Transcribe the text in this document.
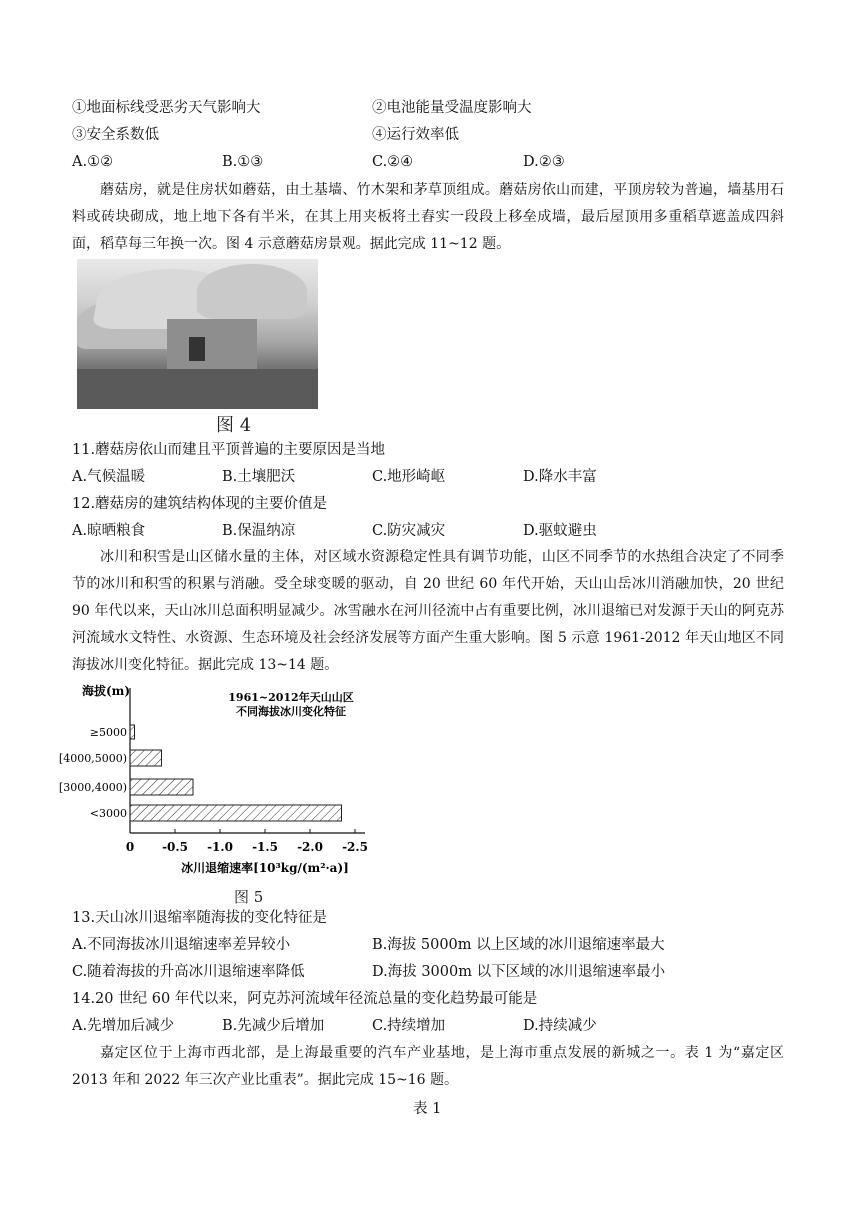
①地面标线受恶劣天气影响大	②电池能量受温度影响大
③安全系数低	④运行效率低
A.①②	B.①③	C.②④	D.②③
蘑菇房，就是住房状如蘑菇，由土基墙、竹木架和茅草顶组成。蘑菇房依山而建，平顶房较为普遍，墙基用石料或砖块砌成，地上地下各有半米，在其上用夹板将土舂实一段段上移垒成墙，最后屋顶用多重稻草遮盖成四斜面，稻草每三年换一次。图 4 示意蘑菇房景观。据此完成 11~12 题。
图 4
11.蘑菇房依山而建且平顶普遍的主要原因是当地
A.气候温暖	B.土壤肥沃	C.地形崎岖	D.降水丰富
12.蘑菇房的建筑结构体现的主要价值是
A.晾晒粮食	B.保温纳凉	C.防灾减灾	D.驱蚊避虫
冰川和积雪是山区储水量的主体，对区域水资源稳定性具有调节功能，山区不同季节的水热组合决定了不同季节的冰川和积雪的积累与消融。受全球变暖的驱动，自 20 世纪 60 年代开始，天山山岳冰川消融加快，20 世纪 90 年代以来，天山冰川总面积明显减少。冰雪融水在河川径流中占有重要比例，冰川退缩已对发源于天山的阿克苏河流域水文特性、水资源、生态环境及社会经济发展等方面产生重大影响。图 5 示意 1961-2012 年天山地区不同海拔冰川变化特征。据此完成 13~14 题。
海拔(m)	1961~2012年天山山区
不同海拔冰川变化特征
≥5000
[4000,5000)
[3000,4000)
<3000
0 -0.5 -1.0 -1.5 -2.0 -2.5
冰川退缩速率[10³kg/(m²·a)]
图 5
13.天山冰川退缩率随海拔的变化特征是
A.不同海拔冰川退缩速率差异较小	B.海拔 5000m 以上区域的冰川退缩速率最大
C.随着海拔的升高冰川退缩速率降低	D.海拔 3000m 以下区域的冰川退缩速率最小
14.20 世纪 60 年代以来，阿克苏河流域年径流总量的变化趋势最可能是
A.先增加后减少	B.先减少后增加	C.持续增加	D.持续减少
嘉定区位于上海市西北部，是上海最重要的汽车产业基地，是上海市重点发展的新城之一。表 1 为“嘉定区 2013 年和 2022 年三次产业比重表”。据此完成 15~16 题。
表 1
